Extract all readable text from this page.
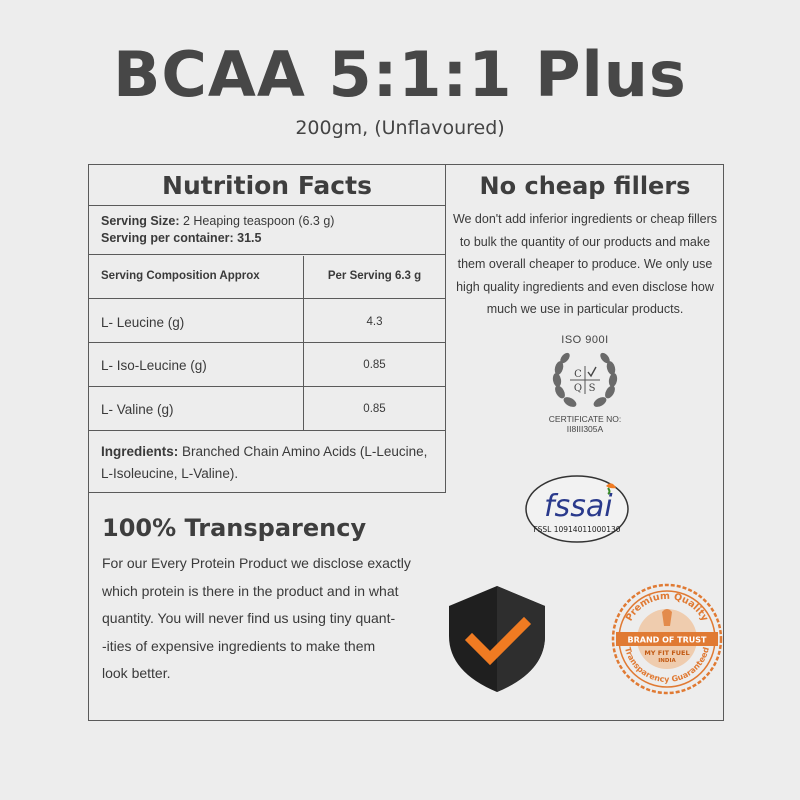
BCAA 5:1:1 Plus
200gm, (Unflavoured)
Nutrition Facts
Serving Size: 2 Heaping teaspoon (6.3 g)
Serving per container: 31.5
Serving Composition Approx	Per Serving 6.3 g
L- Leucine (g)	4.3
L- Iso-Leucine (g)	0.85
L- Valine (g)	0.85
Ingredients: Branched Chain Amino Acids (L-Leucine, L-Isoleucine, L-Valine).
No cheap fillers
We don't add inferior ingredients or cheap fillers to bulk the quantity of our products and make them overall cheaper to produce. We only use high quality ingredients and even disclose how much we use in particular products.
ISO 900I
C
Q S
CERTIFICATE NO:
II8III305A
fssai
FSSL 10914011000130
100% Transparency
For our Every Protein Product we disclose exactly
which protein is there in the product and in what
quantity. You will never find us using tiny quant-
-ities of expensive ingredients to make them
look better.
Premium Quality
BRAND OF TRUST
MY FIT FUEL
INDIA
Transparency Guaranteed
